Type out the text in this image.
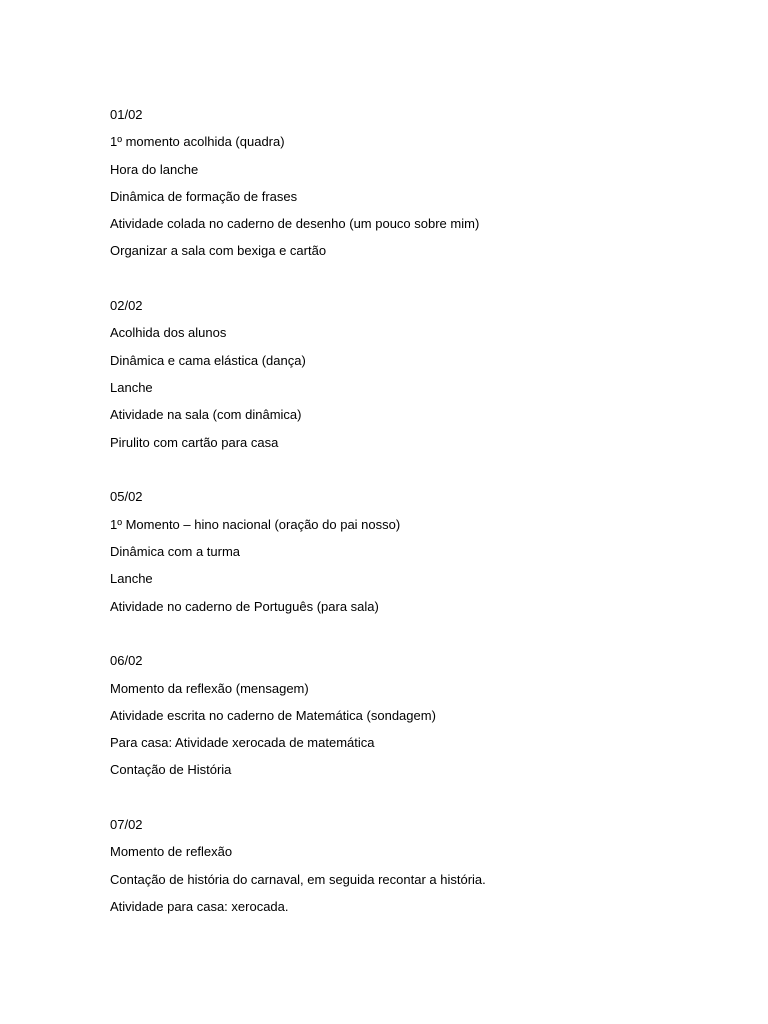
01/02
1º momento acolhida (quadra)
Hora do lanche
Dinâmica de formação de frases
Atividade colada no caderno de desenho (um pouco sobre mim)
Organizar a sala com bexiga e cartão
02/02
Acolhida dos alunos
Dinâmica e cama elástica (dança)
Lanche
Atividade na sala (com dinâmica)
Pirulito com cartão para casa
05/02
1º Momento – hino nacional (oração do pai nosso)
Dinâmica com a turma
Lanche
Atividade no caderno de Português (para sala)
06/02
Momento da reflexão (mensagem)
Atividade escrita no caderno de Matemática (sondagem)
Para casa: Atividade xerocada de matemática
Contação de História
07/02
Momento de reflexão
Contação de história do carnaval, em seguida recontar a história.
Atividade para casa: xerocada.
